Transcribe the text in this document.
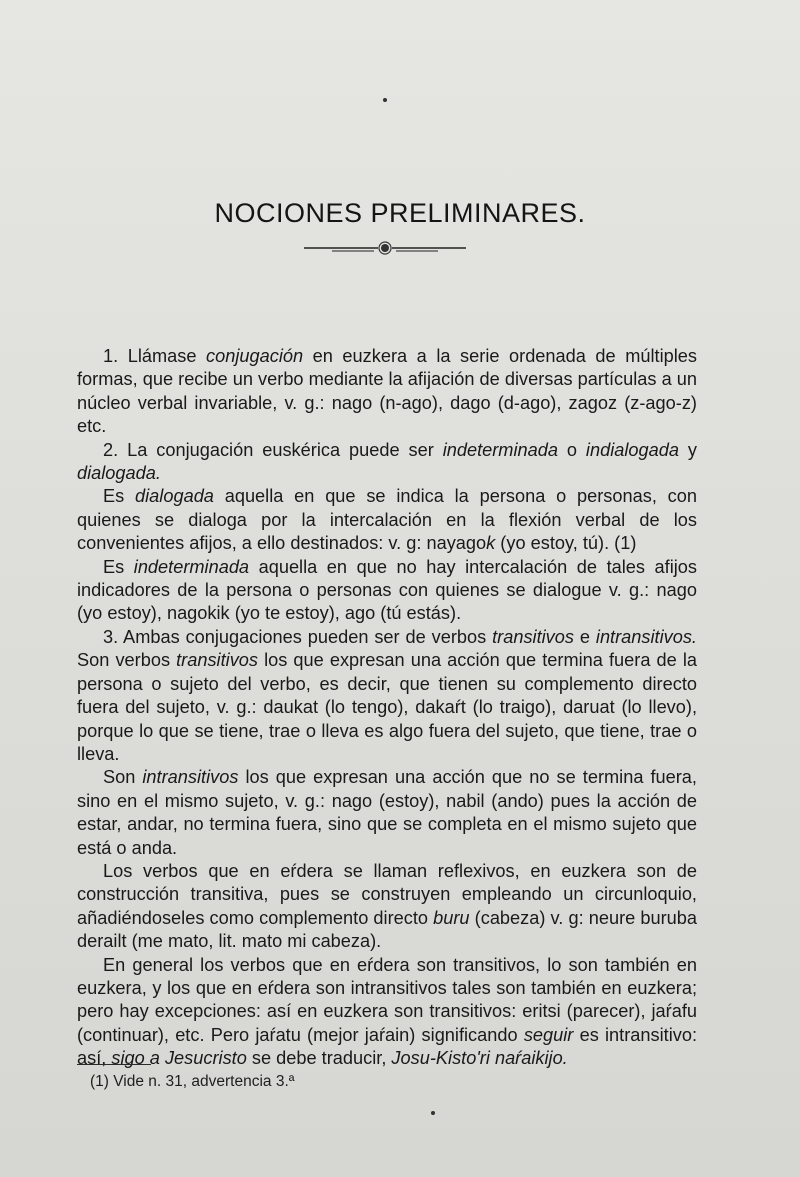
NOCIONES PRELIMINARES.

1. Llámase conjugación en euzkera a la serie ordenada de múltiples formas, que recibe un verbo mediante la afijación de diversas partículas a un núcleo verbal invariable, v. g.: nago (n-ago), dago (d-ago), zagoz (z-ago-z) etc.

2. La conjugación euskérica puede ser indeterminada o indialogada y dialogada.

Es dialogada aquella en que se indica la persona o personas, con quienes se dialoga por la intercalación en la flexión verbal de los convenientes afijos, a ello destinados: v. g: nayagok (yo estoy, tú). (1)

Es indeterminada aquella en que no hay intercalación de tales afijos indicadores de la persona o personas con quienes se dialogue v. g.: nago (yo estoy), nagokik (yo te estoy), ago (tú estás).

3. Ambas conjugaciones pueden ser de verbos transitivos e intransitivos. Son verbos transitivos los que expresan una acción que termina fuera de la persona o sujeto del verbo, es decir, que tienen su complemento directo fuera del sujeto, v. g.: daukat (lo tengo), dakaŕt (lo traigo), daruat (lo llevo), porque lo que se tiene, trae o lleva es algo fuera del sujeto, que tiene, trae o lleva.

Son intransitivos los que expresan una acción que no se termina fuera, sino en el mismo sujeto, v. g.: nago (estoy), nabil (ando) pues la acción de estar, andar, no termina fuera, sino que se completa en el mismo sujeto que está o anda.

Los verbos que en eŕdera se llaman reflexivos, en euzkera son de construcción transitiva, pues se construyen empleando un circunloquio, añadiéndoseles como complemento directo buru (cabeza) v. g: neure buruba derailt (me mato, lit. mato mi cabeza).

En general los verbos que en eŕdera son transitivos, lo son también en euzkera, y los que en eŕdera son intransitivos tales son también en euzkera; pero hay excepciones: así en euzkera son transitivos: eritsi (parecer), jaŕafu (continuar), etc. Pero jaŕatu (mejor jaŕain) significando seguir es intransitivo: así, sigo a Jesucristo se debe traducir, Josu-Kisto'ri naŕaikijo.

(1) Vide n. 31, advertencia 3.ª
